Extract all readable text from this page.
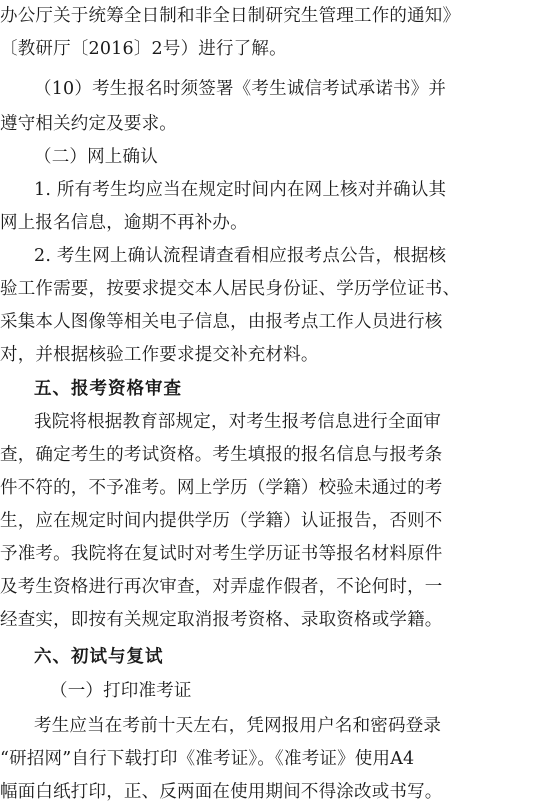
办公厅关于统筹全日制和非全日制研究生管理工作的通知》
〔教研厅〔2016〕2号）进行了解。
（10）考生报名时须签署《考生诚信考试承诺书》并
遵守相关约定及要求。
（二）网上确认
1. 所有考生均应当在规定时间内在网上核对并确认其
网上报名信息，逾期不再补办。
2. 考生网上确认流程请查看相应报考点公告，根据核
验工作需要，按要求提交本人居民身份证、学历学位证书、
采集本人图像等相关电子信息，由报考点工作人员进行核
对，并根据核验工作要求提交补充材料。
五、报考资格审查
我院将根据教育部规定，对考生报考信息进行全面审
查，确定考生的考试资格。考生填报的报名信息与报考条
件不符的，不予准考。网上学历（学籍）校验未通过的考
生，应在规定时间内提供学历（学籍）认证报告，否则不
予准考。我院将在复试时对考生学历证书等报名材料原件
及考生资格进行再次审查，对弄虚作假者，不论何时，一
经查实，即按有关规定取消报考资格、录取资格或学籍。
六、初试与复试
（一）打印准考证
考生应当在考前十天左右，凭网报用户名和密码登录
“研招网”自行下载打印《准考证》。《准考证》使用A4
幅面白纸打印，正、反两面在使用期间不得涂改或书写。
